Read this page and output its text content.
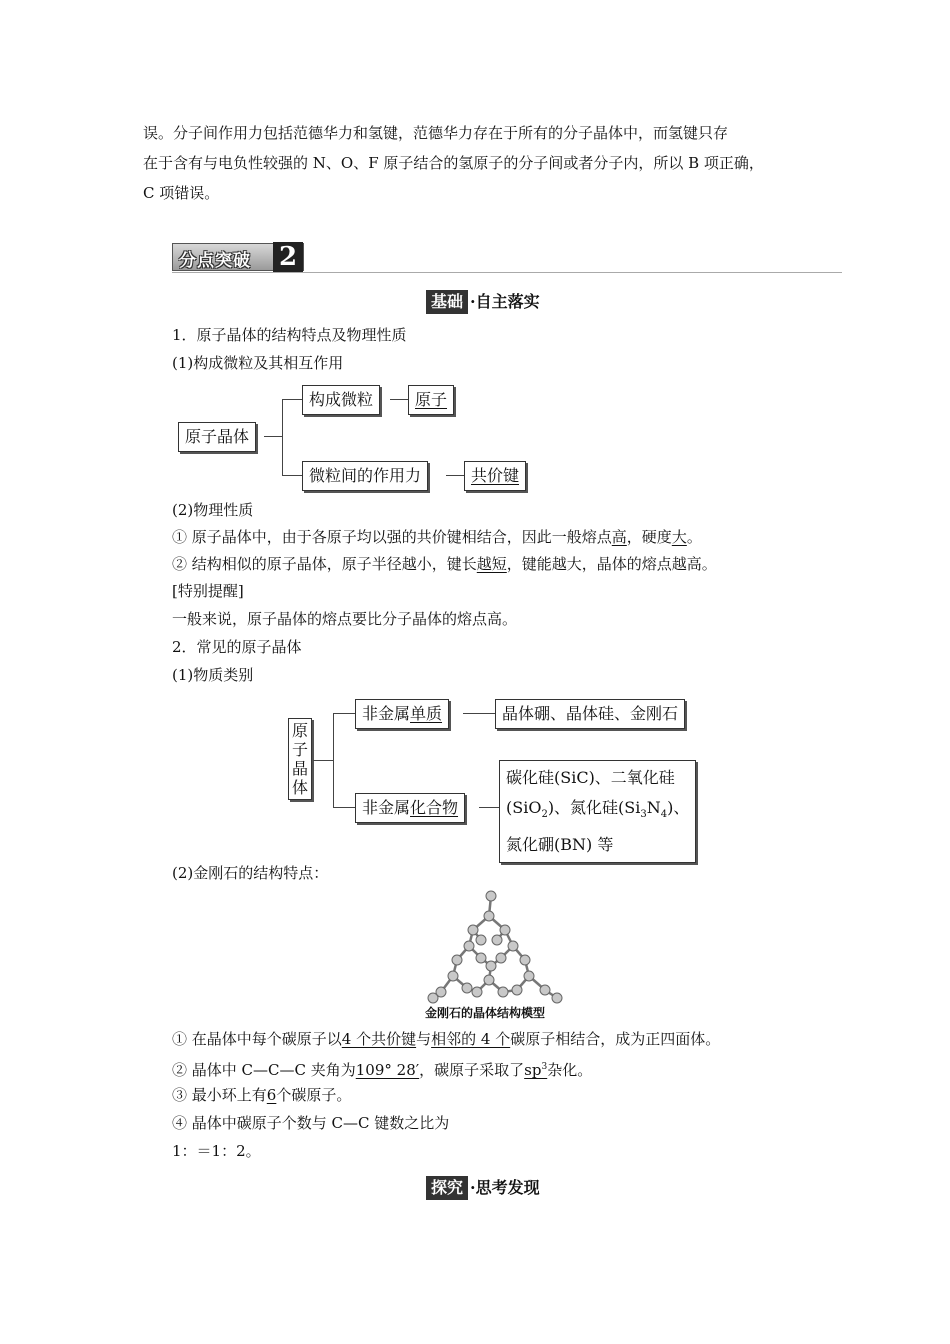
误。分子间作用力包括范德华力和氢键，范德华力存在于所有的分子晶体中，而氢键只存
在于含有与电负性较强的 N、O、F 原子结合的氢原子的分子间或者分子内，所以 B 项正确，
C 项错误。
分点突破 2
基础 ·自主落实
1．原子晶体的结构特点及物理性质
(1)构成微粒及其相互作用
原子晶体
构成微粒	原子
微粒间的作用力	共价键
(2)物理性质
① 原子晶体中，由于各原子均以强的共价键相结合，因此一般熔点高，硬度大。
② 结构相似的原子晶体，原子半径越小，键长越短，键能越大，晶体的熔点越高。
[特别提醒]
一般来说，原子晶体的熔点要比分子晶体的熔点高。
2．常见的原子晶体
(1)物质类别
原
子
晶
体
非金属单质	晶体硼、晶体硅、金刚石
非金属化合物
碳化硅(SiC)、二氧化硅
(SiO$_2$)、氮化硅$(Si_3N_4)$、
氮化硼(BN) 等
(2)金刚石的结构特点：
金刚石的晶体结构模型
① 在晶体中每个碳原子以4 个共价键与相邻的 4 个碳原子相结合，成为正四面体。
② 晶体中 C—C—C 夹角为109° 28′，碳原子采取了$sp^3$杂化。
③ 最小环上有6个碳原子。
④ 晶体中碳原子个数与 C—C 键数之比为
1：＝1：2。
探究 ·思考发现
